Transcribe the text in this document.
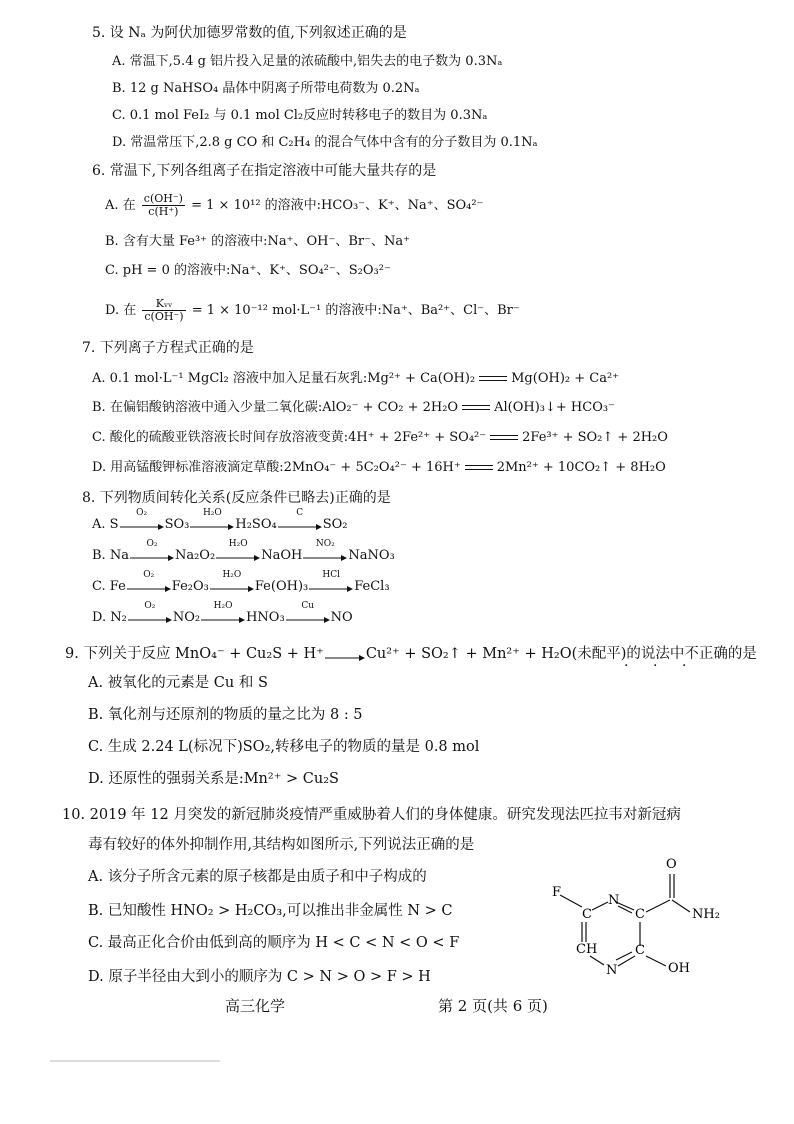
5. 设 Nₐ 为阿伏加德罗常数的值,下列叙述正确的是
A. 常温下,5.4 g 铝片投入足量的浓硫酸中,铝失去的电子数为 0.3Nₐ
B. 12 g NaHSO₄ 晶体中阴离子所带电荷数为 0.2Nₐ
C. 0.1 mol FeI₂ 与 0.1 mol Cl₂反应时转移电子的数目为 0.3Nₐ
D. 常温常压下,2.8 g CO 和 C₂H₄ 的混合气体中含有的分子数目为 0.1Nₐ
6. 常温下,下列各组离子在指定溶液中可能大量共存的是
A. 在 $\frac{c(OH^-)}{c(H^+)} = 1 \times 10^{12}$ 的溶液中:HCO₃⁻、K⁺、Na⁺、SO₄²⁻
B. 含有大量 Fe³⁺ 的溶液中:Na⁺、OH⁻、Br⁻、Na⁺
C. pH = 0 的溶液中:Na⁺、K⁺、SO₄²⁻、S₂O₃²⁻
D. 在 $\frac{\text{Kᵥᵥ}}{c(OH^-)} = 1 \times 10^{-12}$ mol·L⁻¹ 的溶液中:Na⁺、Ba²⁺、Cl⁻、Br⁻
7. 下列离子方程式正确的是
A. 0.1 mol·L⁻¹ MgCl₂ 溶液中加入足量石灰乳:Mg²⁺ + Ca(OH)₂	Mg(OH)₂ + Ca²⁺
B. 在偏铝酸钠溶液中通入少量二氧化碳:AlO₂⁻ + CO₂ + 2H₂O	Al(OH)₃↓+ HCO₃⁻
C. 酸化的硫酸亚铁溶液长时间存放溶液变黄:4H⁺ + 2Fe²⁺ + SO₄²⁻	2Fe³⁺ + SO₂↑ + 2H₂O
D. 用高锰酸钾标准溶液滴定草酸:2MnO₄⁻ + 5C₂O₄²⁻ + 16H⁺	2Mn²⁺ + 10CO₂↑ + 8H₂O
8. 下列物质间转化关系(反应条件已略去)正确的是
A. S
O₂
SO₃
H₂O
H₂SO₄
C
SO₂
B. Na
O₂
Na₂O₂
H₂O
NaOH
NO₂
NaNO₃
C. Fe
O₂
Fe₂O₃
H₂O
Fe(OH)₃
HCl
FeCl₃
D. N₂
O₂
NO₂
H₂O
HNO₃
Cu
NO
9. 下列关于反应 MnO₄⁻ + Cu₂S + H⁺→Cu²⁺ + SO₂↑ + Mn²⁺ + H₂O(未配平)的说法中不正确的是
· · ·
A. 被氧化的元素是 Cu 和 S
B. 氧化剂与还原剂的物质的量之比为 8 : 5
C. 生成 2.24 L(标况下)SO₂,转移电子的物质的量是 0.8 mol
D. 还原性的强弱关系是:Mn²⁺ > Cu₂S
10. 2019 年 12 月突发的新冠肺炎疫情严重威胁着人们的身体健康。研究发现法匹拉韦对新冠病
毒有较好的体外抑制作用,其结构如图所示,下列说法正确的是
A. 该分子所含元素的原子核都是由质子和中子构成的
B. 已知酸性 HNO₂ > H₂CO₃,可以推出非金属性 N > C
C. 最高正化合价由低到高的顺序为 H < C < N < O < F
D. 原子半径由大到小的顺序为 C > N > O > F > H
F
C
N
C
O
NH₂
C
OH
CH
N
高三化学	第 2 页(共 6 页)
